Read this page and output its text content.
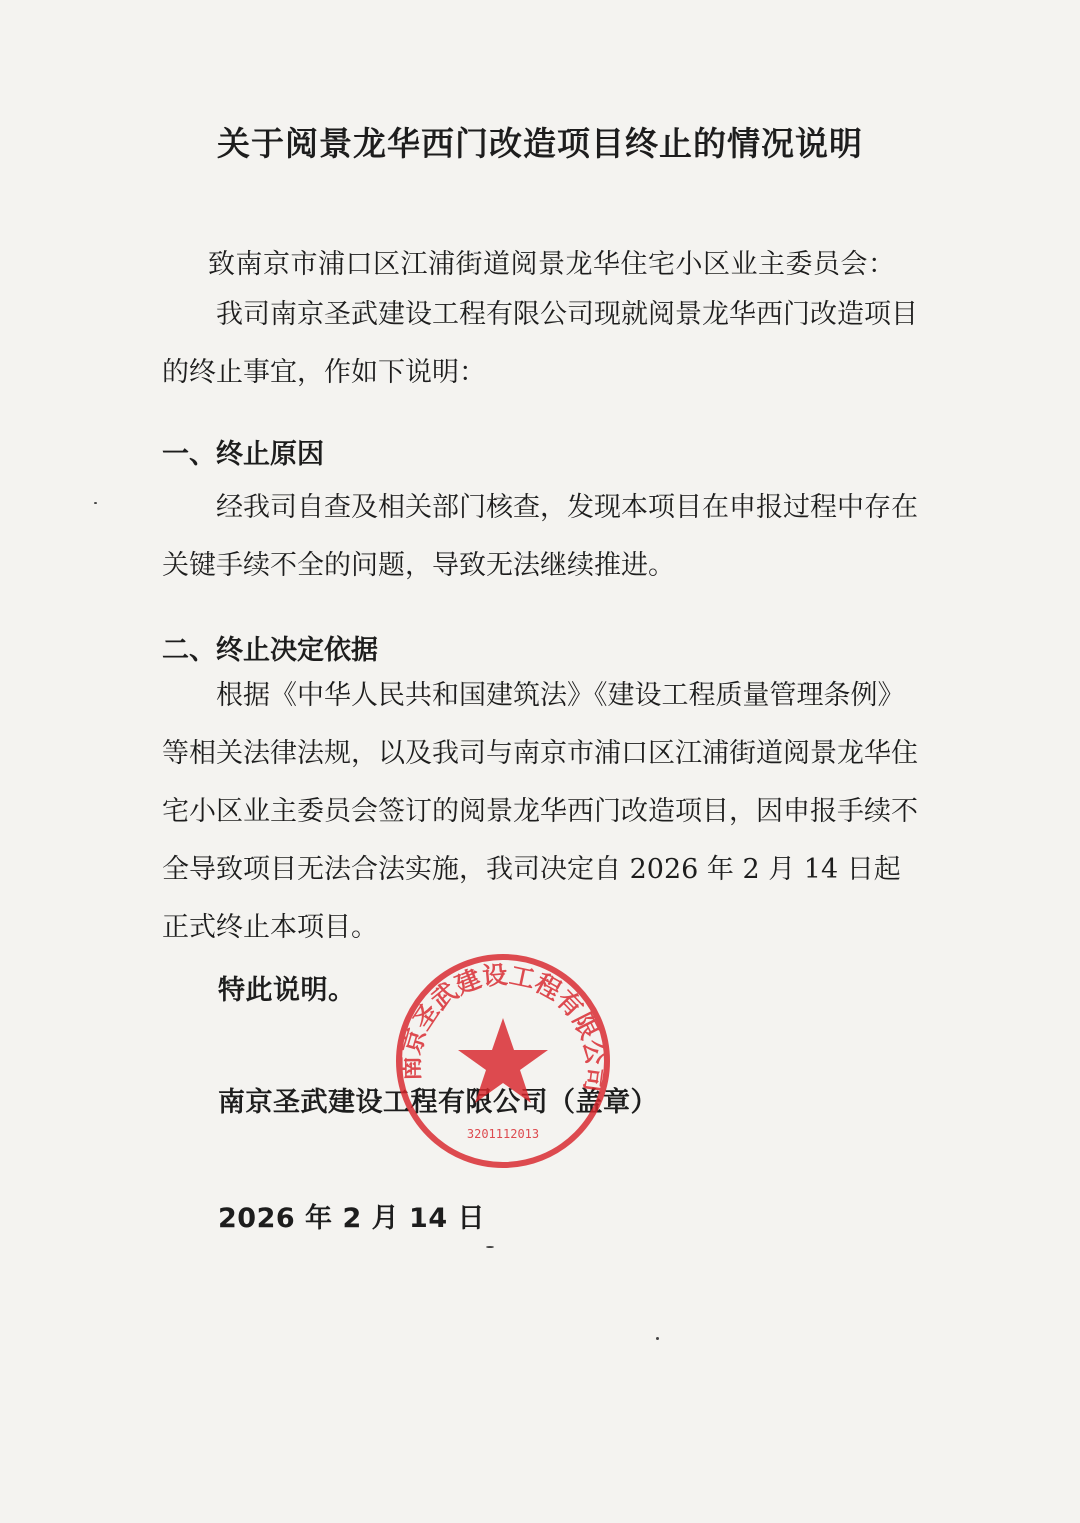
关于阅景龙华西门改造项目终止的情况说明
致南京市浦口区江浦街道阅景龙华住宅小区业主委员会：
我司南京圣武建设工程有限公司现就阅景龙华西门改造项目的终止事宜，作如下说明：
一、终止原因
经我司自查及相关部门核查，发现本项目在申报过程中存在关键手续不全的问题，导致无法继续推进。
二、终止决定依据
根据《中华人民共和国建筑法》《建设工程质量管理条例》等相关法律法规，以及我司与南京市浦口区江浦街道阅景龙华住宅小区业主委员会签订的阅景龙华西门改造项目，因申报手续不全导致项目无法合法实施，我司决定自 2026 年 2 月 14 日起正式终止本项目。
特此说明。
南京圣武建设工程有限公司（盖章）
2026 年 2 月 14 日
南京圣武建设工程有限公司
3201112013
